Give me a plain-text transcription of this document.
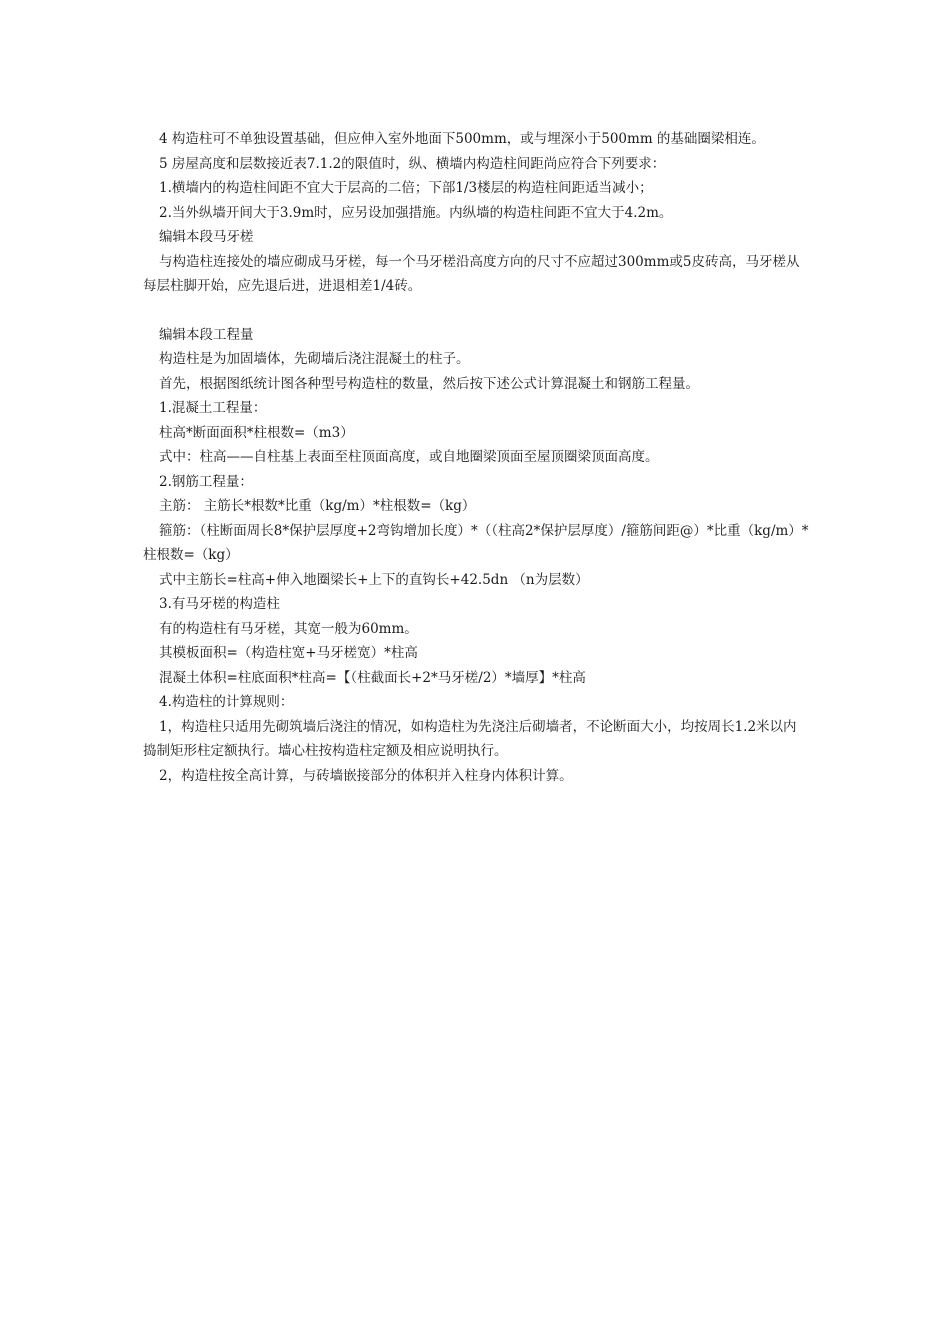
4 构造柱可不单独设置基础，但应伸入室外地面下500mm，或与埋深小于500mm 的基础圈梁相连。

5 房屋高度和层数接近表7.1.2的限值时，纵、横墙内构造柱间距尚应符合下列要求：

1.横墙内的构造柱间距不宜大于层高的二倍；下部1/3楼层的构造柱间距适当减小；

2.当外纵墙开间大于3.9m时，应另设加强措施。内纵墙的构造柱间距不宜大于4.2m。

编辑本段马牙槎

与构造柱连接处的墙应砌成马牙槎，每一个马牙槎沿高度方向的尺寸不应超过300mm或5皮砖高，马牙槎从每层柱脚开始，应先退后进，进退相差1/4砖。

编辑本段工程量

构造柱是为加固墙体，先砌墙后浇注混凝土的柱子。

首先，根据图纸统计图各种型号构造柱的数量，然后按下述公式计算混凝土和钢筋工程量。

1.混凝土工程量：

柱高*断面面积*柱根数=（m3）

式中：柱高——自柱基上表面至柱顶面高度，或自地圈梁顶面至屋顶圈梁顶面高度。

2.钢筋工程量：

主筋： 主筋长*根数*比重（kg/m）*柱根数=（kg）

箍筋：（柱断面周长8*保护层厚度+2弯钩增加长度）*（（柱高2*保护层厚度）/箍筋间距@）*比重（kg/m）*柱根数=（kg）

式中主筋长=柱高+伸入地圈梁长+上下的直钩长+42.5dn （n为层数）

3.有马牙槎的构造柱

有的构造柱有马牙槎，其宽一般为60mm。

其模板面积=（构造柱宽+马牙槎宽）*柱高

混凝土体积=柱底面积*柱高=【（柱截面长+2*马牙槎/2）*墙厚】*柱高

4.构造柱的计算规则：

1，构造柱只适用先砌筑墙后浇注的情况，如构造柱为先浇注后砌墙者，不论断面大小，均按周长1.2米以内捣制矩形柱定额执行。墙心柱按构造柱定额及相应说明执行。

2，构造柱按全高计算，与砖墙嵌接部分的体积并入柱身内体积计算。
